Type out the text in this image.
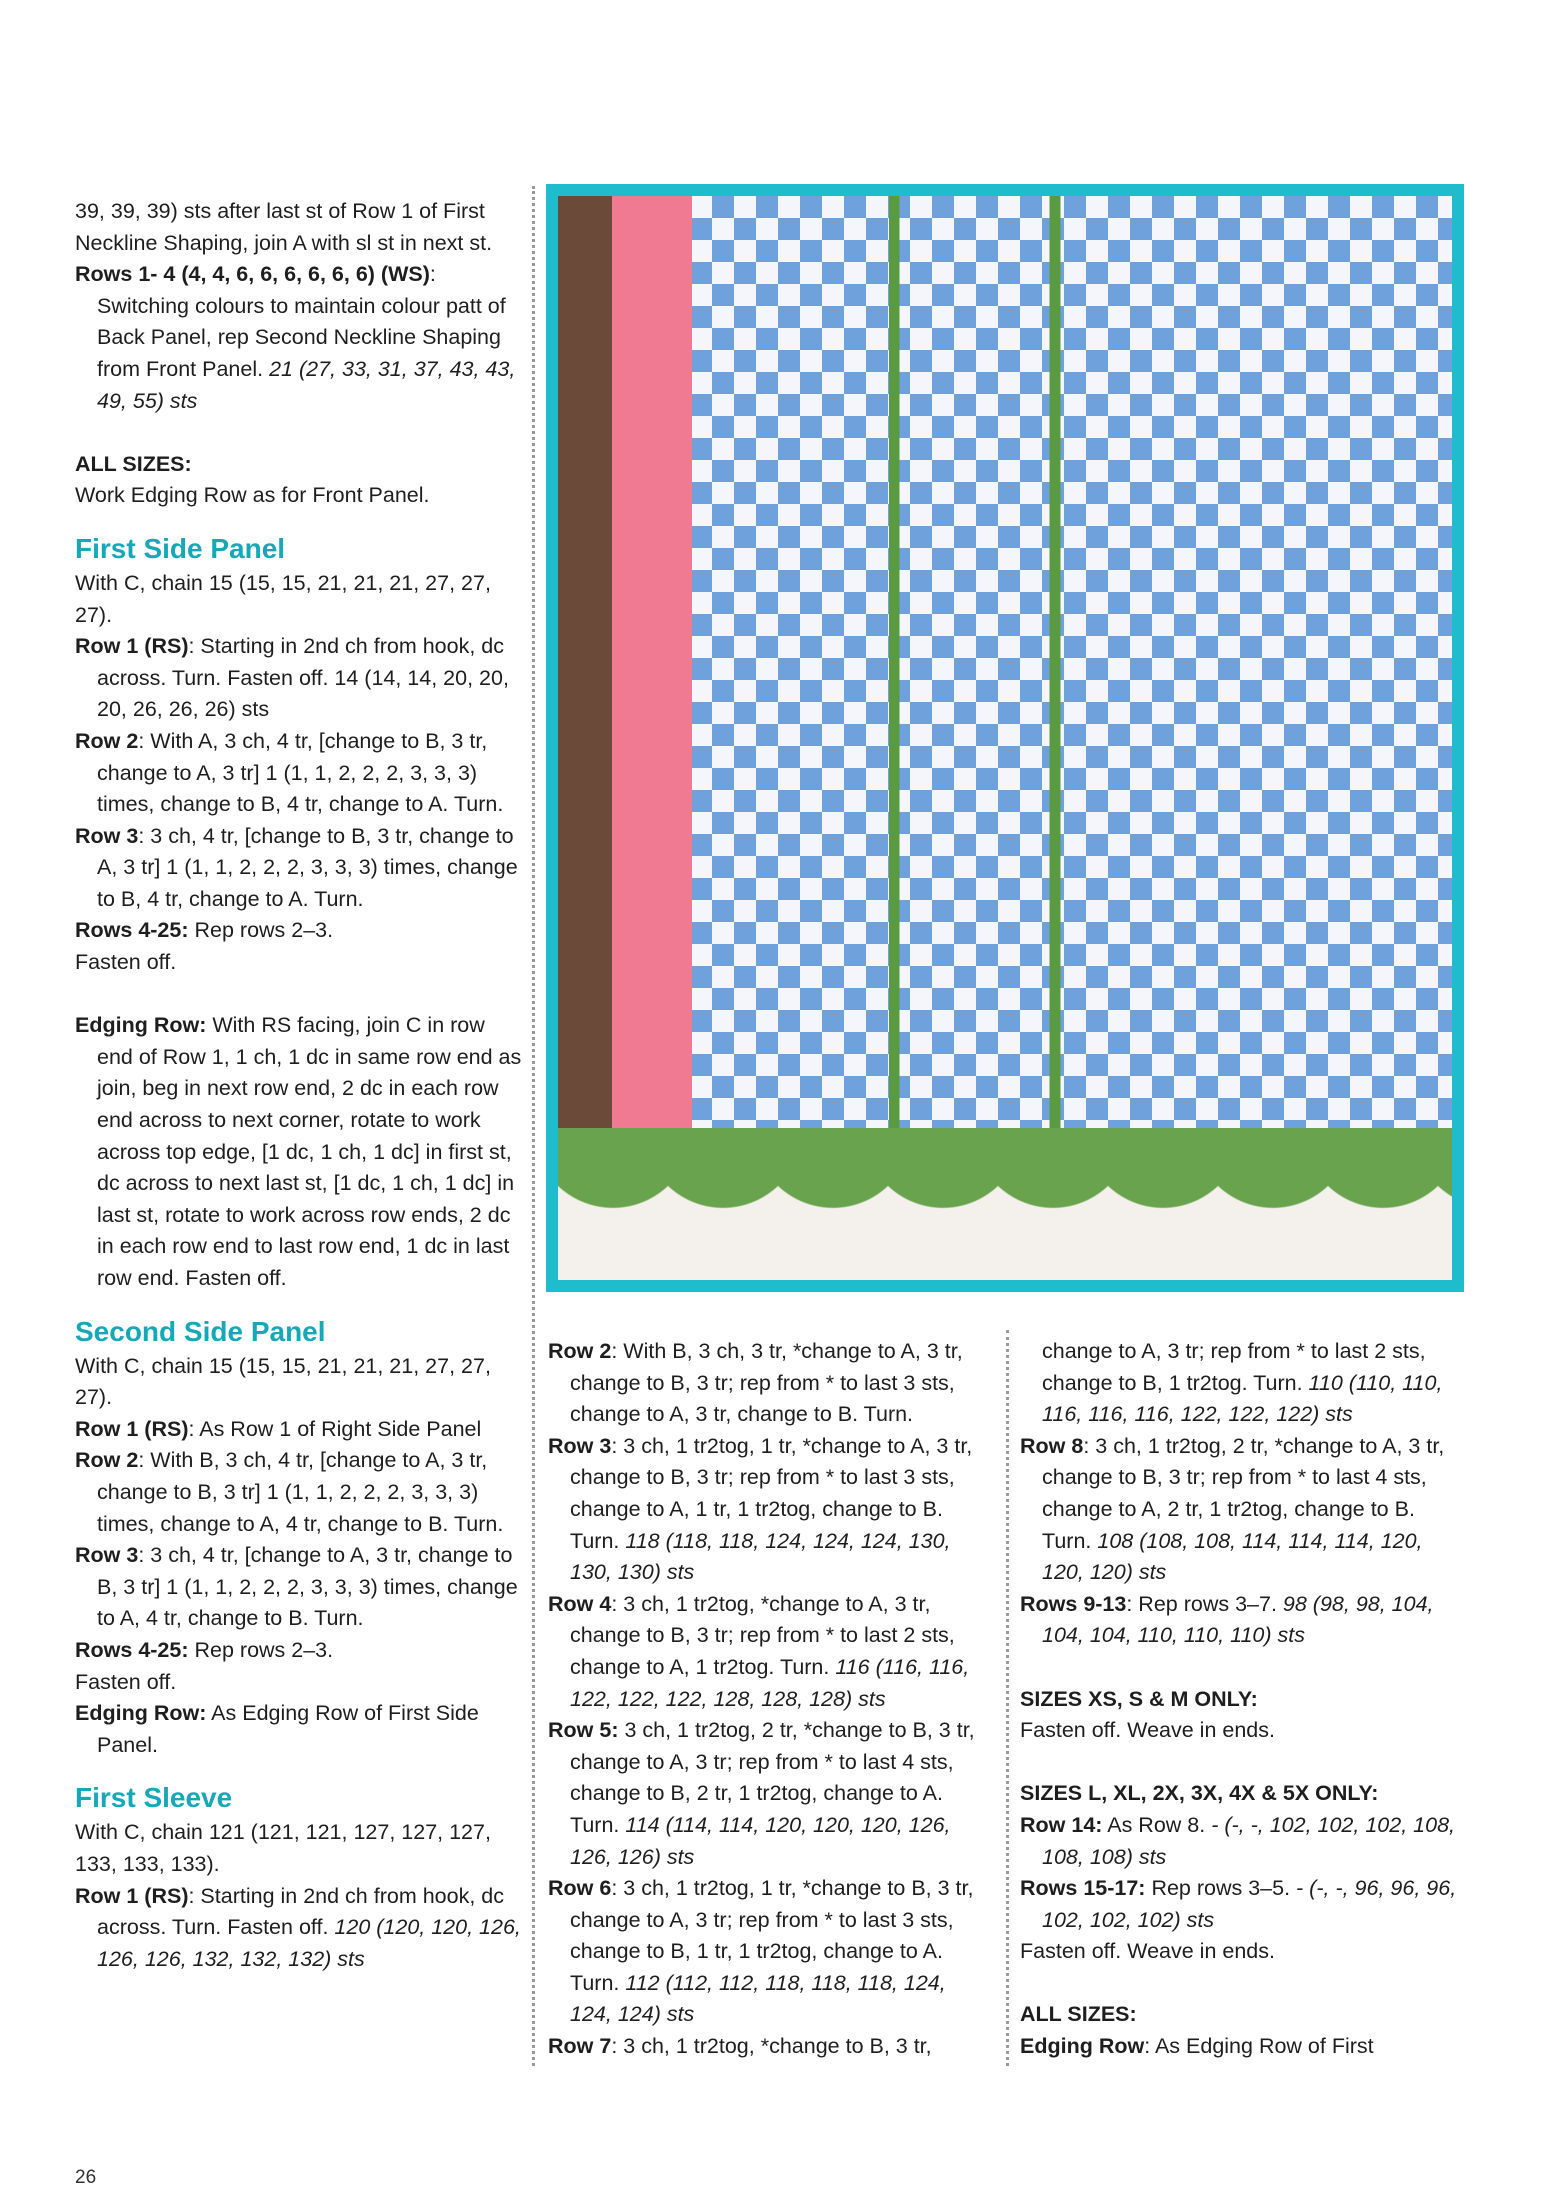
39, 39, 39) sts after last st of Row 1 of First

Neckline Shaping, join A with sl st in next st.

Rows 1- 4 (4, 4, 6, 6, 6, 6, 6, 6) (WS):
Switching colours to maintain colour patt of Back Panel, rep Second Neckline Shaping from Front Panel. 21 (27, 33, 31, 37, 43, 43, 49, 55) sts

ALL SIZES:

Work Edging Row as for Front Panel.

First Side Panel

With C, chain 15 (15, 15, 21, 21, 21, 27, 27, 27).

Row 1 (RS): Starting in 2nd ch from hook, dc across. Turn. Fasten off. 14 (14, 14, 20, 20, 20, 26, 26, 26) sts

Row 2: With A, 3 ch, 4 tr, [change to B, 3 tr, change to A, 3 tr] 1 (1, 1, 2, 2, 2, 3, 3, 3) times, change to B, 4 tr, change to A. Turn.

Row 3: 3 ch, 4 tr, [change to B, 3 tr, change to A, 3 tr] 1 (1, 1, 2, 2, 2, 3, 3, 3) times, change to B, 4 tr, change to A. Turn.

Rows 4-25: Rep rows 2–3.

Fasten off.

Edging Row: With RS facing, join C in row end of Row 1, 1 ch, 1 dc in same row end as join, beg in next row end, 2 dc in each row end across to next corner, rotate to work across top edge, [1 dc, 1 ch, 1 dc] in first st, dc across to next last st, [1 dc, 1 ch, 1 dc] in last st, rotate to work across row ends, 2 dc in each row end to last row end, 1 dc in last row end. Fasten off.

Second Side Panel

With C, chain 15 (15, 15, 21, 21, 21, 27, 27, 27).

Row 1 (RS): As Row 1 of Right Side Panel

Row 2: With B, 3 ch, 4 tr, [change to A, 3 tr, change to B, 3 tr] 1 (1, 1, 2, 2, 2, 3, 3, 3) times, change to A, 4 tr, change to B. Turn.

Row 3: 3 ch, 4 tr, [change to A, 3 tr, change to B, 3 tr] 1 (1, 1, 2, 2, 2, 3, 3, 3) times, change to A, 4 tr, change to B. Turn.

Rows 4-25: Rep rows 2–3.

Fasten off.

Edging Row: As Edging Row of First Side Panel.

First Sleeve

With C, chain 121 (121, 121, 127, 127, 127, 133, 133, 133).

Row 1 (RS): Starting in 2nd ch from hook, dc across. Turn. Fasten off. 120 (120, 120, 126, 126, 126, 132, 132, 132) sts

Row 2: With B, 3 ch, 3 tr, *change to A, 3 tr, change to B, 3 tr; rep from * to last 3 sts, change to A, 3 tr, change to B. Turn.

Row 3: 3 ch, 1 tr2tog, 1 tr, *change to A, 3 tr, change to B, 3 tr; rep from * to last 3 sts, change to A, 1 tr, 1 tr2tog, change to B. Turn. 118 (118, 118, 124, 124, 124, 130, 130, 130) sts

Row 4: 3 ch, 1 tr2tog, *change to A, 3 tr, change to B, 3 tr; rep from * to last 2 sts, change to A, 1 tr2tog. Turn. 116 (116, 116, 122, 122, 122, 128, 128, 128) sts

Row 5: 3 ch, 1 tr2tog, 2 tr, *change to B, 3 tr, change to A, 3 tr; rep from * to last 4 sts, change to B, 2 tr, 1 tr2tog, change to A. Turn. 114 (114, 114, 120, 120, 120, 126, 126, 126) sts

Row 6: 3 ch, 1 tr2tog, 1 tr, *change to B, 3 tr, change to A, 3 tr; rep from * to last 3 sts, change to B, 1 tr, 1 tr2tog, change to A. Turn. 112 (112, 112, 118, 118, 118, 124, 124, 124) sts

Row 7: 3 ch, 1 tr2tog, *change to B, 3 tr,

change to A, 3 tr; rep from * to last 2 sts, change to B, 1 tr2tog. Turn. 110 (110, 110, 116, 116, 116, 122, 122, 122) sts

Row 8: 3 ch, 1 tr2tog, 2 tr, *change to A, 3 tr, change to B, 3 tr; rep from * to last 4 sts, change to A, 2 tr, 1 tr2tog, change to B. Turn. 108 (108, 108, 114, 114, 114, 120, 120, 120) sts

Rows 9-13: Rep rows 3–7. 98 (98, 98, 104, 104, 104, 110, 110, 110) sts

SIZES XS, S & M ONLY:

Fasten off. Weave in ends.

SIZES L, XL, 2X, 3X, 4X & 5X ONLY:

Row 14: As Row 8. - (-, -, 102, 102, 102, 108, 108, 108) sts

Rows 15-17: Rep rows 3–5. - (-, -, 96, 96, 96, 102, 102, 102) sts

Fasten off. Weave in ends.

ALL SIZES:

Edging Row: As Edging Row of First

26
